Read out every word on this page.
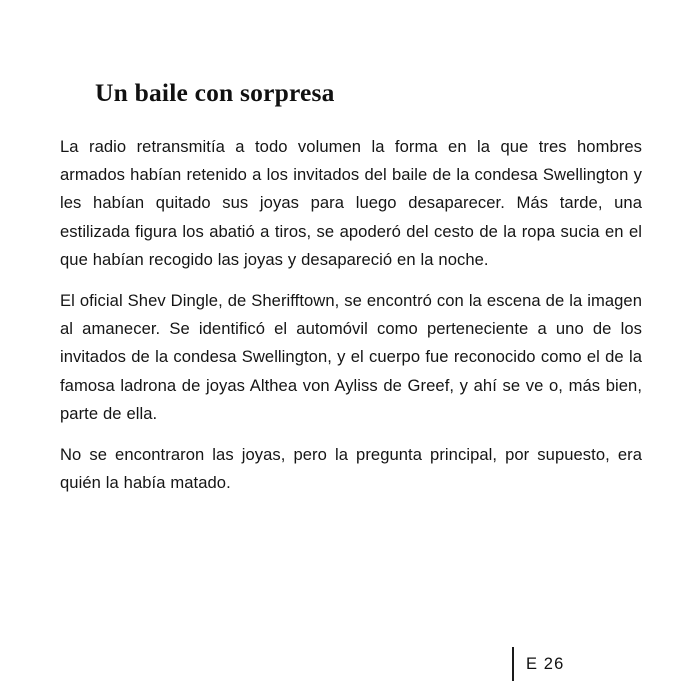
Un baile con sorpresa

La radio retransmitía a todo volumen la forma en la que tres hombres armados habían retenido a los invitados del baile de la condesa Swellington y les habían quitado sus joyas para luego desaparecer. Más tarde, una estilizada figura los abatió a tiros, se apoderó del cesto de la ropa sucia en el que habían recogido las joyas y desapareció en la noche.

El oficial Shev Dingle, de Sherifftown, se encontró con la escena de la imagen al amanecer. Se identificó el automóvil como perteneciente a uno de los invitados de la condesa Swellington, y el cuerpo fue reconocido como el de la famosa ladrona de joyas Althea von Ayliss de Greef, y ahí se ve o, más bien, parte de ella.

No se encontraron las joyas, pero la pregunta principal, por supuesto, era quién la había matado.

E 26
